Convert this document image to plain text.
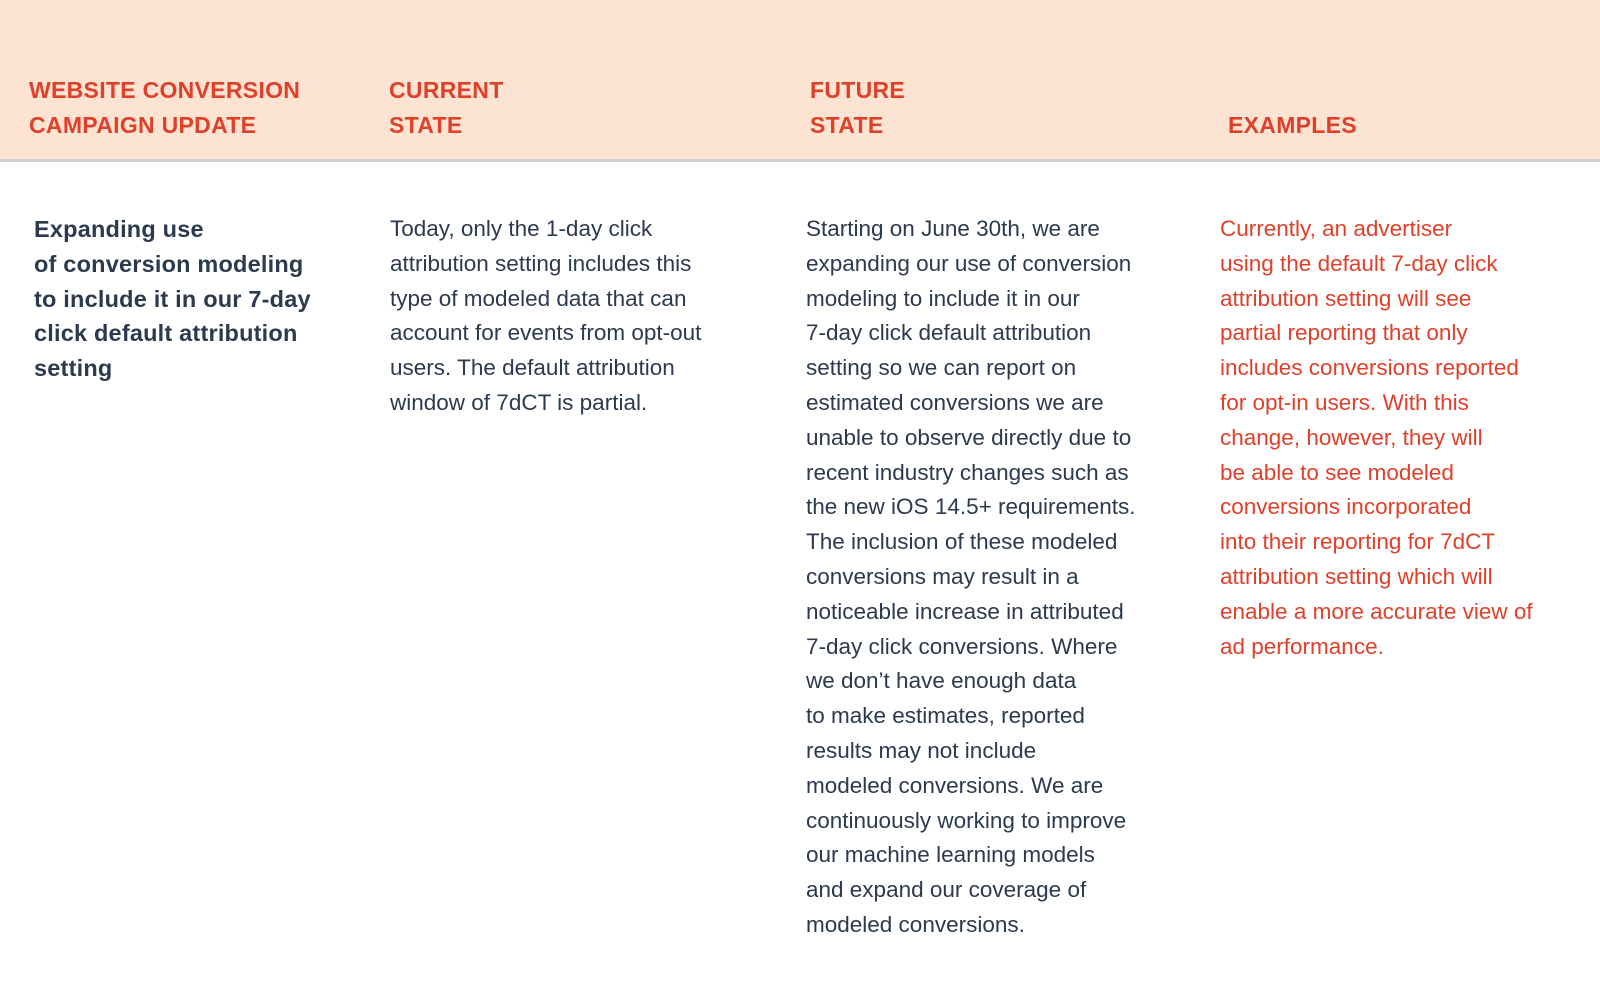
WEBSITE CONVERSION
CAMPAIGN UPDATE
CURRENT
STATE
FUTURE
STATE	EXAMPLES
Expanding use
of conversion modeling
to include it in our 7-day
click default attribution
setting
Today, only the 1-day click
attribution setting includes this
type of modeled data that can
account for events from opt-out
users. The default attribution
window of 7dCT is partial.
Starting on June 30th, we are
expanding our use of conversion
modeling to include it in our
7-day click default attribution
setting so we can report on
estimated conversions we are
unable to observe directly due to
recent industry changes such as
the new iOS 14.5+ requirements.
The inclusion of these modeled
conversions may result in a
noticeable increase in attributed
7-day click conversions. Where
we don’t have enough data
to make estimates, reported
results may not include
modeled conversions. We are
continuously working to improve
our machine learning models
and expand our coverage of
modeled conversions.
Currently, an advertiser
using the default 7-day click
attribution setting will see
partial reporting that only
includes conversions reported
for opt-in users. With this
change, however, they will
be able to see modeled
conversions incorporated
into their reporting for 7dCT
attribution setting which will
enable a more accurate view of
ad performance.
